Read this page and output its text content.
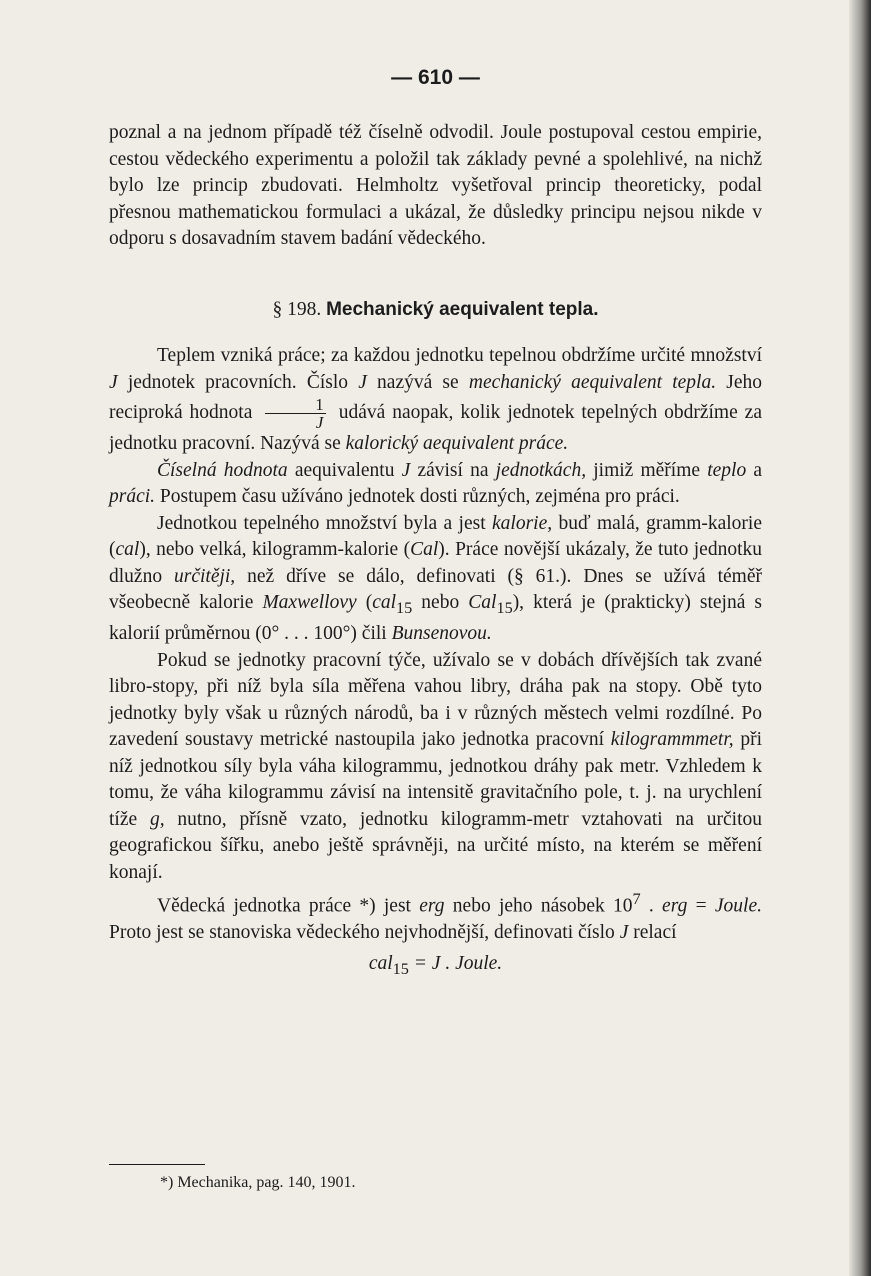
— 610 —

poznal a na jednom případě též číselně odvodil. Joule postupoval cestou empirie, cestou vědeckého experimentu a položil tak základy pevné a spolehlivé, na nichž bylo lze princip zbudovati. Helmholtz vyšetřoval princip theoreticky, podal přesnou mathematickou formulaci a ukázal, že důsledky principu nejsou nikde v odporu s dosavadním stavem badání vědeckého.

§ 198. Mechanický aequivalent tepla.

Teplem vzniká práce; za každou jednotku tepelnou obdržíme určité množství J jednotek pracovních. Číslo J nazývá se mechanický aequivalent tepla. Jeho reciproká hodnota $\frac{1}{J}$ udává naopak, kolik jednotek tepelných obdržíme za jednotku pracovní. Nazývá se kalorický aequivalent práce.

Číselná hodnota aequivalentu J závisí na jednotkách, jimiž měříme teplo a práci. Postupem času užíváno jednotek dosti různých, zejména pro práci.

Jednotkou tepelného množství byla a jest kalorie, buď malá, gramm-kalorie (cal), nebo velká, kilogramm-kalorie (Cal). Práce novější ukázaly, že tuto jednotku dlužno určitěji, než dříve se dálo, definovati (§ 61.). Dnes se užívá téměř všeobecně kalorie Maxwellovy (cal$_{15}$ nebo Cal$_{15}$), která je (prakticky) stejná s kalorií průměrnou (0° . . . 100°) čili Bunsenovou.

Pokud se jednotky pracovní týče, užívalo se v dobách dřívějších tak zvané libro-stopy, při níž byla síla měřena vahou libry, dráha pak na stopy. Obě tyto jednotky byly však u různých národů, ba i v různých městech velmi rozdílné. Po zavedení soustavy metrické nastoupila jako jednotka pracovní kilogrammmetr, při níž jednotkou síly byla váha kilogrammu, jednotkou dráhy pak metr. Vzhledem k tomu, že váha kilogrammu závisí na intensitě gravitačního pole, t. j. na urychlení tíže g, nutno, přísně vzato, jednotku kilogramm-metr vztahovati na určitou geografickou šířku, anebo ještě správněji, na určité místo, na kterém se měření konají.

Vědecká jednotka práce *) jest erg nebo jeho násobek $10^7$ . erg = Joule. Proto jest se stanoviska vědeckého nejvhodnější, definovati číslo J relací

cal$_{15}$ = J . Joule.

*) Mechanika, pag. 140, 1901.
